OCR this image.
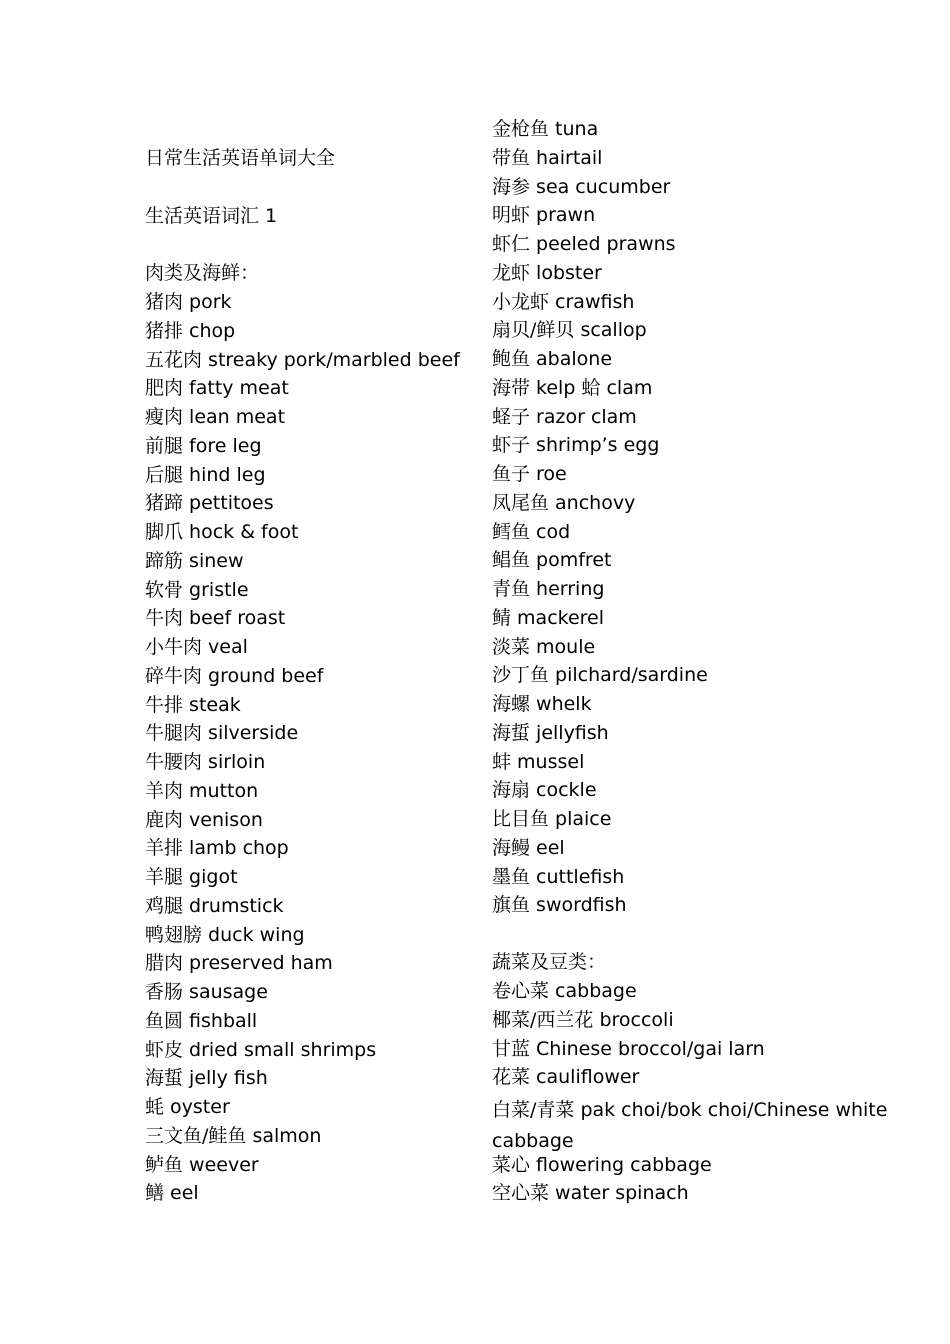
日常生活英语单词大全
生活英语词汇 1
肉类及海鲜：
猪肉 pork
猪排 chop
五花肉 streaky pork/marbled beef
肥肉 fatty meat
瘦肉 lean meat
前腿 fore leg
后腿 hind leg
猪蹄 pettitoes
脚爪 hock & foot
蹄筋 sinew
软骨 gristle
牛肉 beef roast
小牛肉 veal
碎牛肉 ground beef
牛排 steak
牛腿肉 silverside
牛腰肉 sirloin
羊肉 mutton
鹿肉 venison
羊排 lamb chop
羊腿 gigot
鸡腿 drumstick
鸭翅膀 duck wing
腊肉 preserved ham
香肠 sausage
鱼圆 fishball
虾皮 dried small shrimps
海蜇 jelly fish
蚝 oyster
三文鱼/鲑鱼 salmon
鲈鱼 weever
鳝 eel
蔬菜及豆类：
金枪鱼 tuna
带鱼 hairtail
海参 sea cucumber
明虾 prawn
虾仁 peeled prawns
龙虾 lobster
小龙虾 crawfish
扇贝/鲜贝 scallop
鲍鱼 abalone
海带 kelp 蛤 clam
蛏子 razor clam
虾子 shrimp’s egg
鱼子 roe
凤尾鱼 anchovy
鳕鱼 cod
鲳鱼 pomfret
青鱼 herring
鲭 mackerel
淡菜 moule
沙丁鱼 pilchard/sardine
海螺 whelk
海蜇 jellyfish
蚌 mussel
海扇 cockle
比目鱼 plaice
海鳗 eel
墨鱼 cuttlefish
旗鱼 swordfish
卷心菜 cabbage
椰菜/西兰花 broccoli
甘蓝 Chinese broccol/gai larn
花菜 cauliflower
白菜/青菜 pak choi/bok choi/Chinese white cabbage
菜心 flowering cabbage
空心菜 water spinach
